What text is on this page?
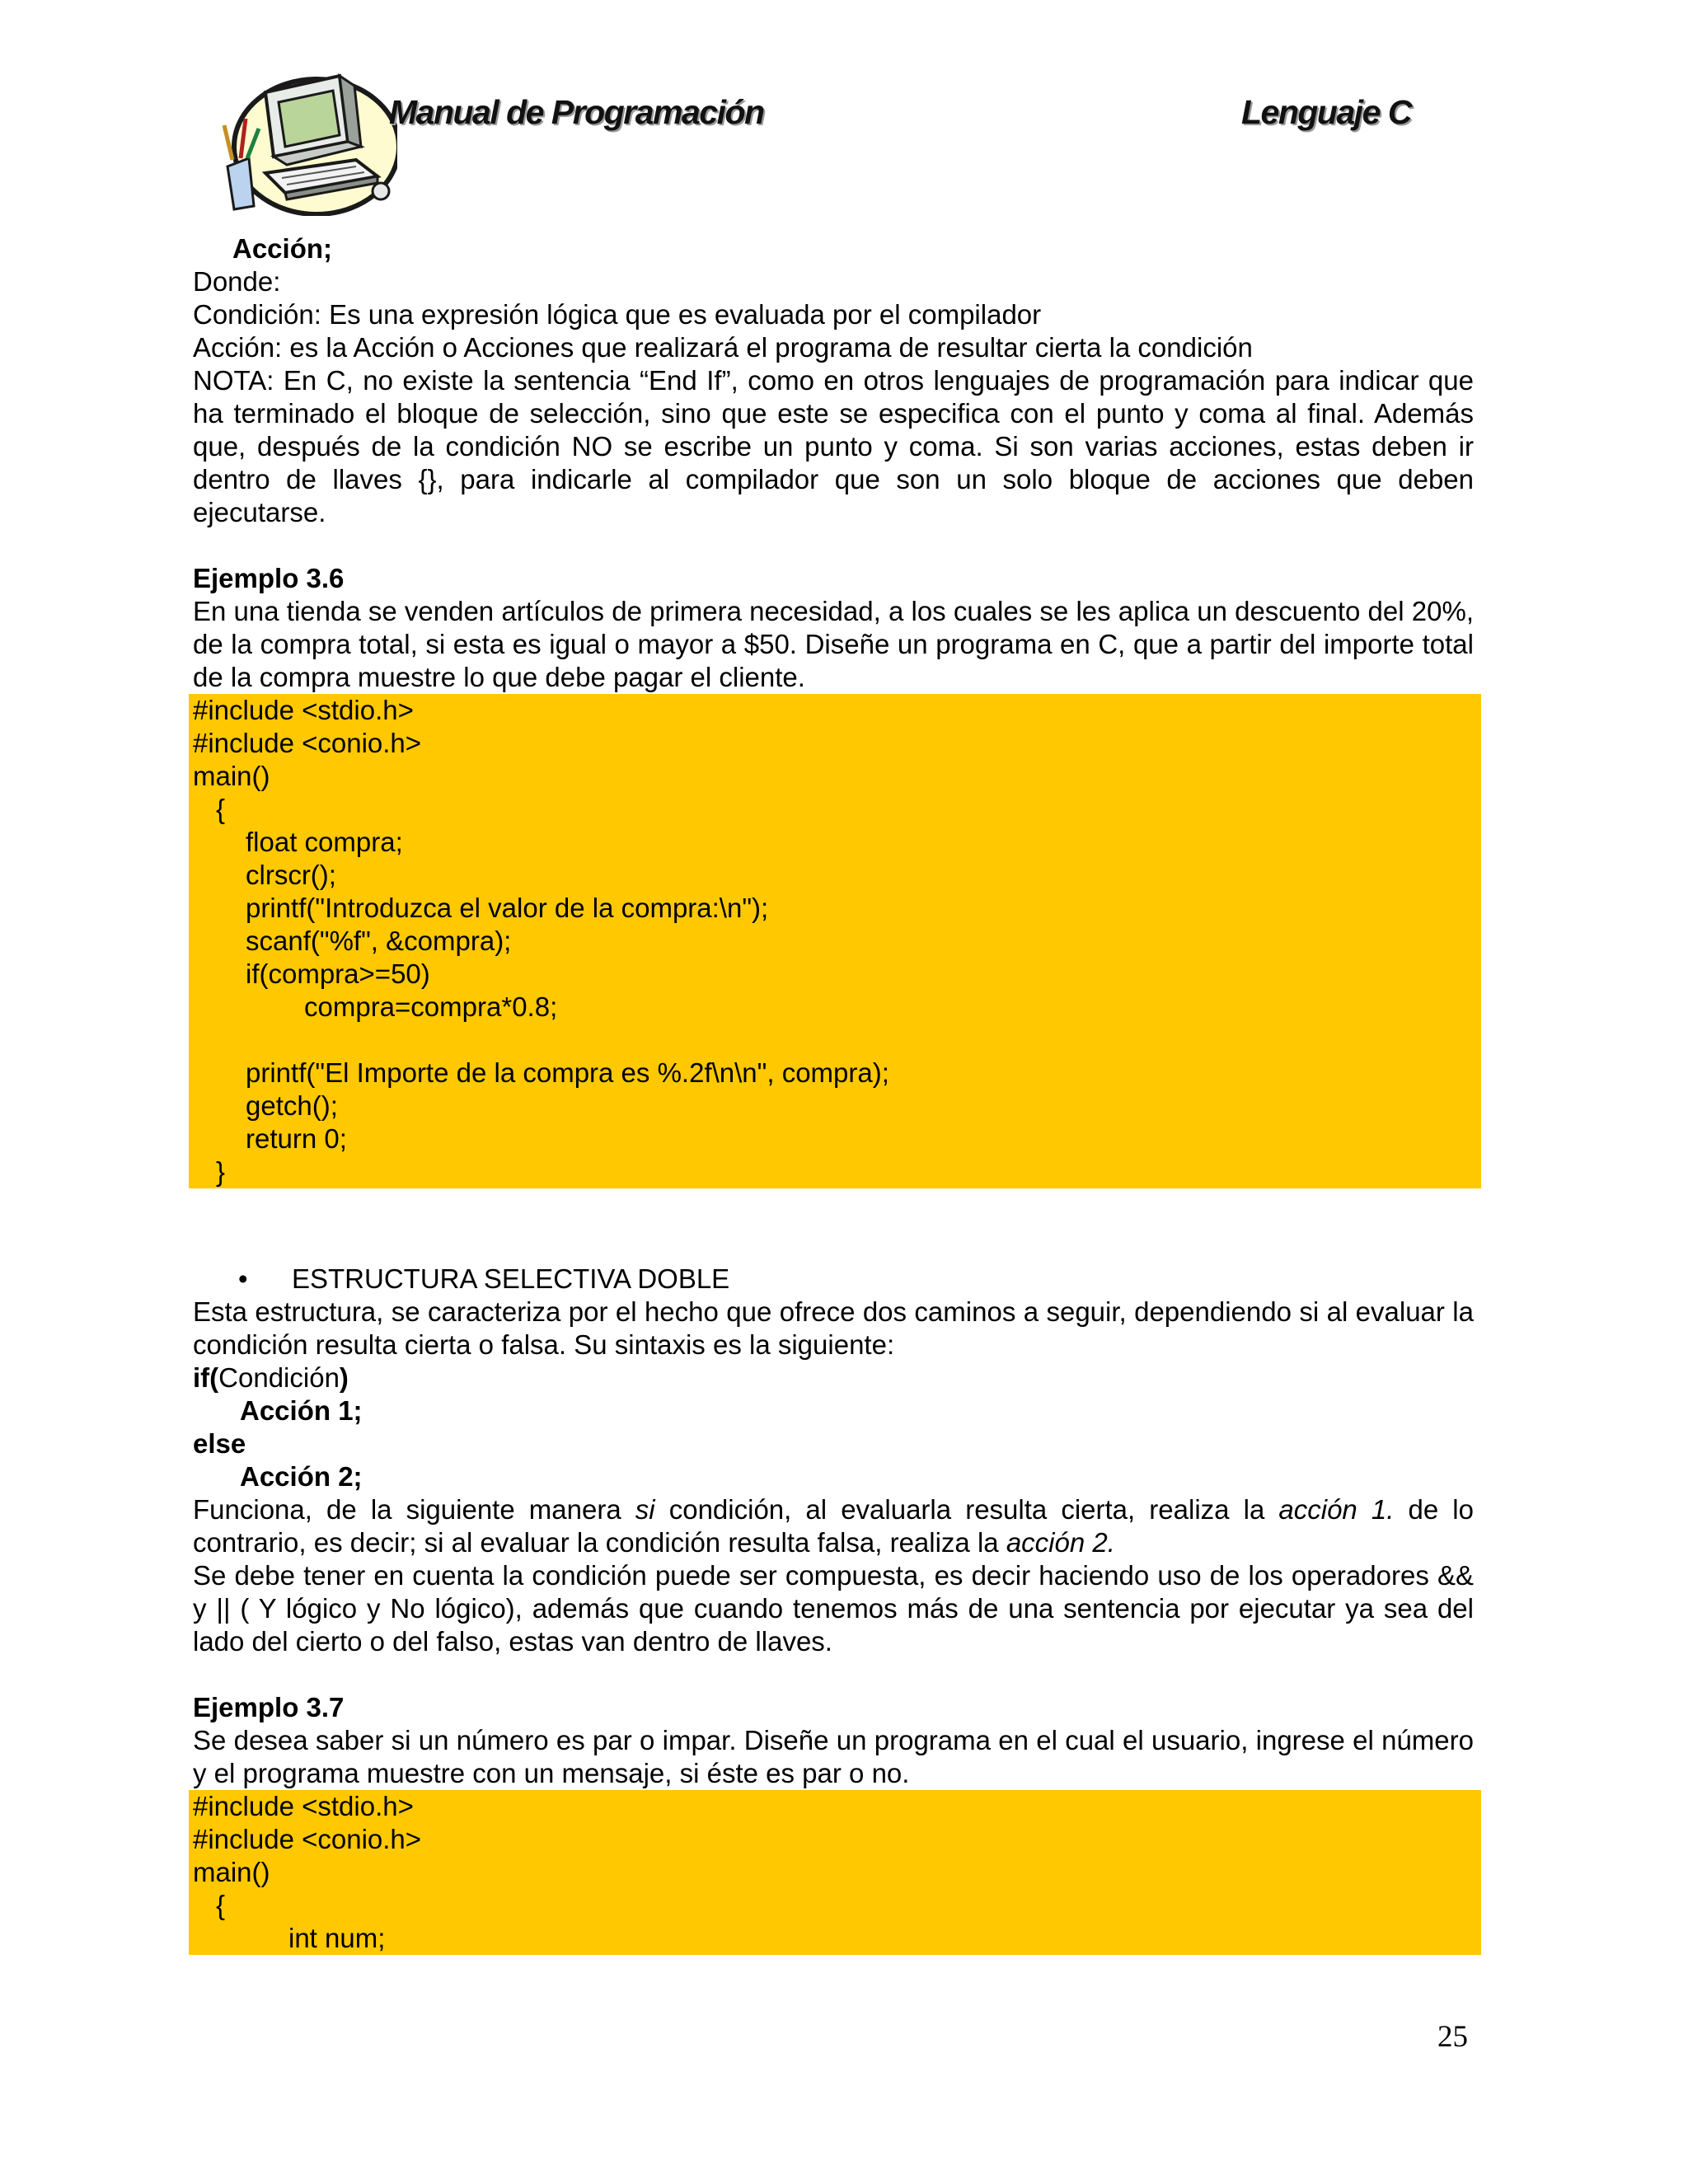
Manual de Programación	Lenguaje C
Acción;
Donde:
Condición: Es una expresión lógica que es evaluada por el compilador
Acción: es la Acción o Acciones que realizará el programa de resultar cierta la condición
NOTA: En C, no existe la sentencia “End If”, como en otros lenguajes de programación para indicar que ha terminado el bloque de selección, sino que este se especifica con el punto y coma al final. Además que, después de la condición NO se escribe un punto y coma. Si son varias acciones, estas deben ir dentro de llaves {}, para indicarle al compilador que son un solo bloque de acciones que deben ejecutarse.
Ejemplo 3.6
En una tienda se venden artículos de primera necesidad, a los cuales se les aplica un descuento del 20%, de la compra total, si esta es igual o mayor a $50. Diseñe un programa en C, que a partir del importe total de la compra muestre lo que debe pagar el cliente.
#include <stdio.h>
#include <conio.h>
main()
{
float compra;
clrscr();
printf("Introduzca el valor de la compra:\n");
scanf("%f", &compra);
if(compra>=50)
compra=compra*0.8;
printf("El Importe de la compra es %.2f\n\n", compra);
getch();
return 0;
}
• ESTRUCTURA SELECTIVA DOBLE
Esta estructura, se caracteriza por el hecho que ofrece dos caminos a seguir, dependiendo si al evaluar la condición resulta cierta o falsa. Su sintaxis es la siguiente:
if(Condición)
Acción 1;
else
Acción 2;
Funciona, de la siguiente manera si condición, al evaluarla resulta cierta, realiza la acción 1. de lo contrario, es decir; si al evaluar la condición resulta falsa, realiza la acción 2.
Se debe tener en cuenta la condición puede ser compuesta, es decir haciendo uso de los operadores && y || ( Y lógico y No lógico), además que cuando tenemos más de una sentencia por ejecutar ya sea del lado del cierto o del falso, estas van dentro de llaves.
Ejemplo 3.7
Se desea saber si un número es par o impar. Diseñe un programa en el cual el usuario, ingrese el número y el programa muestre con un mensaje, si éste es par o no.
#include <stdio.h>
#include <conio.h>
main()
{
int num;
25
